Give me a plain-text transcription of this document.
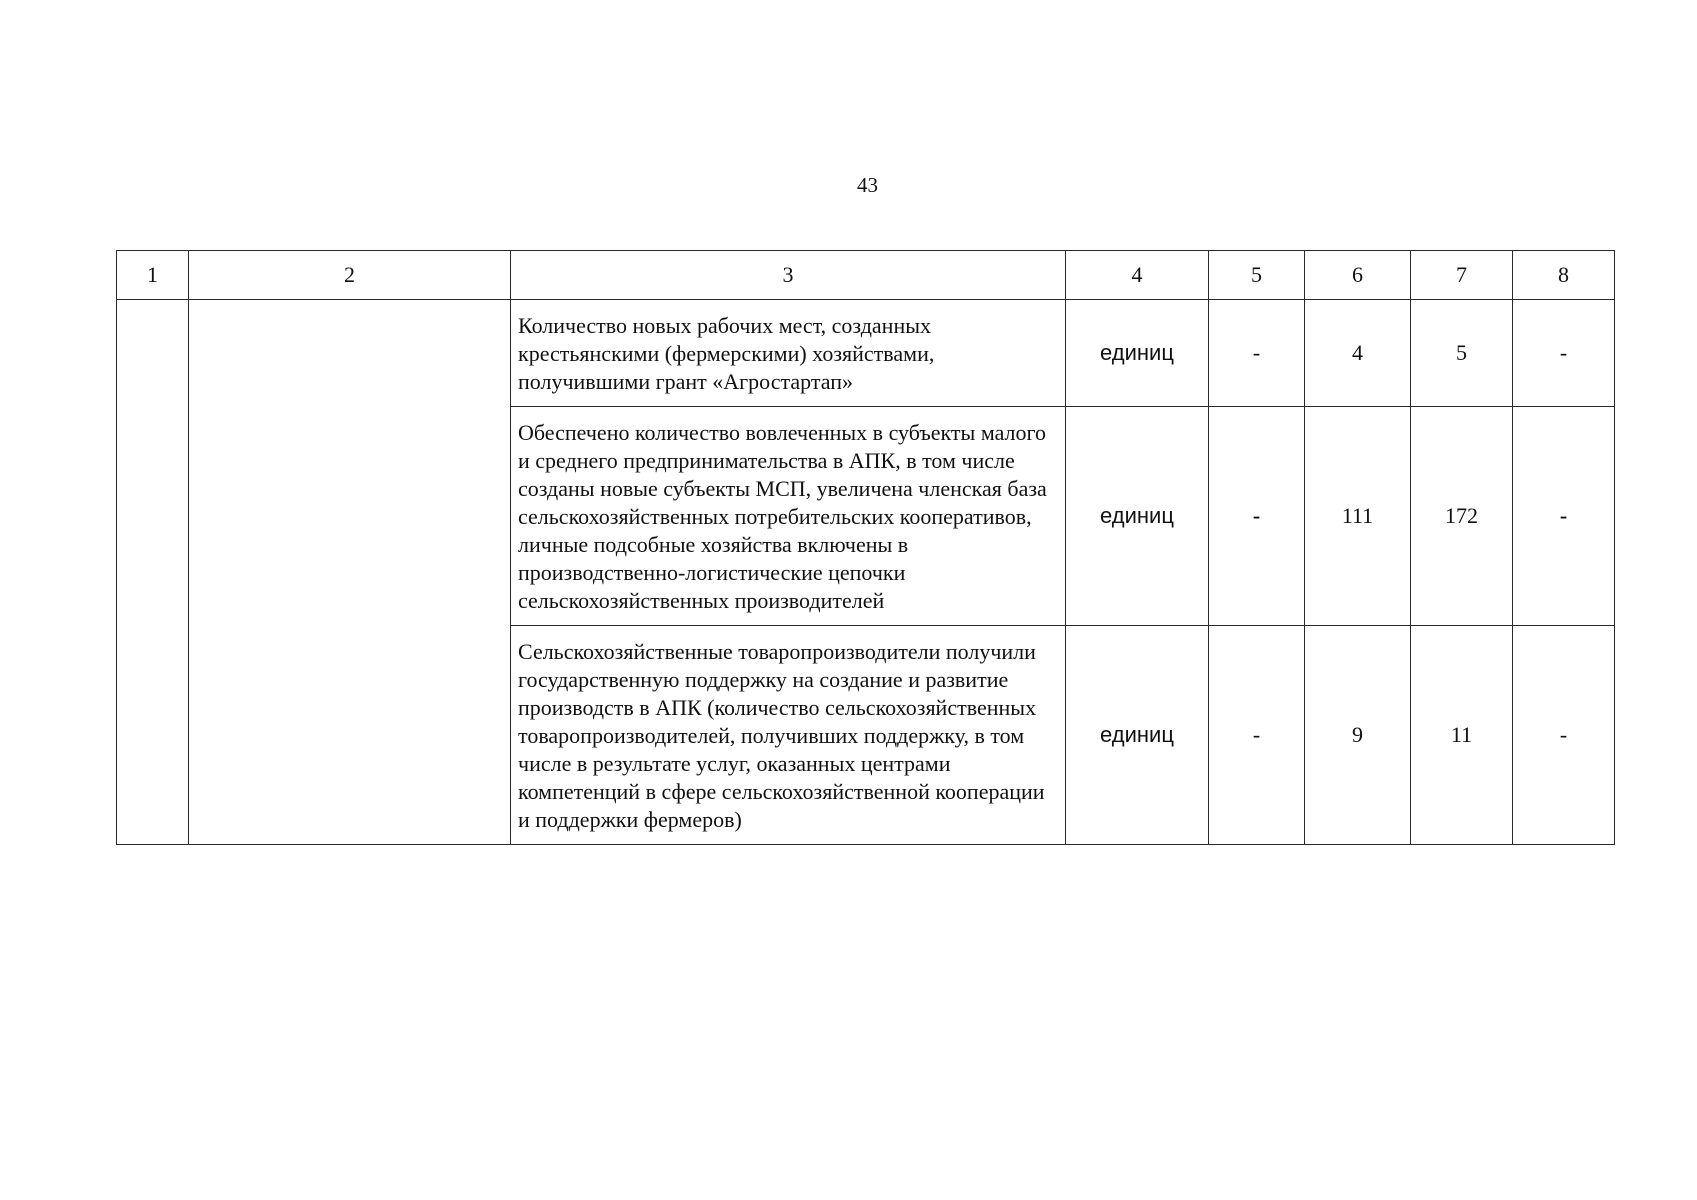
43
1	2	3	4	5	6	7	8
		Количество новых рабочих мест, созданных крестьянскими (фермерскими) хозяйствами, получившими грант «Агростартап»	единиц	-	4	5	-
		Обеспечено количество вовлеченных в субъекты малого и среднего предпринимательства в АПК, в том числе созданы новые субъекты МСП, увеличена членская база сельскохозяйственных потребительских кооперативов, личные подсобные хозяйства включены в производственно-логистические цепочки сельскохозяйственных производителей	единиц	-	111	172	-
		Сельскохозяйственные товаропроизводители получили государственную поддержку на создание и развитие производств в АПК (количество сельскохозяйственных товаропроизводителей, получивших поддержку, в том числе в результате услуг, оказанных центрами компетенций в сфере сельскохозяйственной кооперации и поддержки фермеров)	единиц	-	9	11	-
